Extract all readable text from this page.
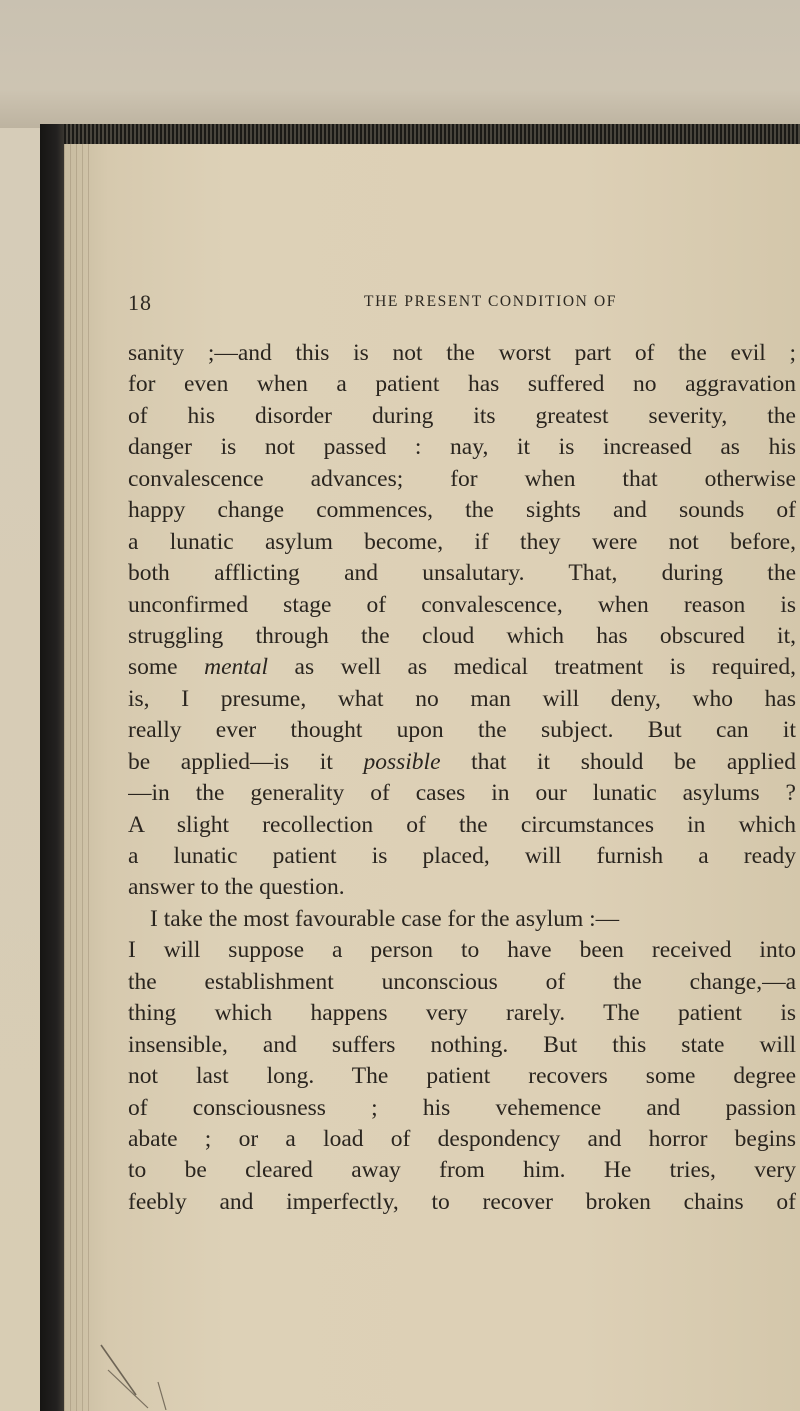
18	THE PRESENT CONDITION OF
sanity ;—and this is not the worst part of the evil ;
for even when a patient has suffered no aggravation
of his disorder during its greatest severity, the
danger is not passed : nay, it is increased as his
convalescence advances; for when that otherwise
happy change commences, the sights and sounds of
a lunatic asylum become, if they were not before,
both afflicting and unsalutary. That, during the
unconfirmed stage of convalescence, when reason is
struggling through the cloud which has obscured it,
some mental as well as medical treatment is required,
is, I presume, what no man will deny, who has
really ever thought upon the subject. But can it
be applied—is it possible that it should be applied
—in the generality of cases in our lunatic asylums ?
A slight recollection of the circumstances in which
a lunatic patient is placed, will furnish a ready
answer to the question.
I take the most favourable case for the asylum :—
I will suppose a person to have been received into
the establishment unconscious of the change,—a
thing which happens very rarely. The patient is
insensible, and suffers nothing. But this state will
not last long. The patient recovers some degree
of consciousness ; his vehemence and passion
abate ; or a load of despondency and horror begins
to be cleared away from him. He tries, very
feebly and imperfectly, to recover broken chains of
